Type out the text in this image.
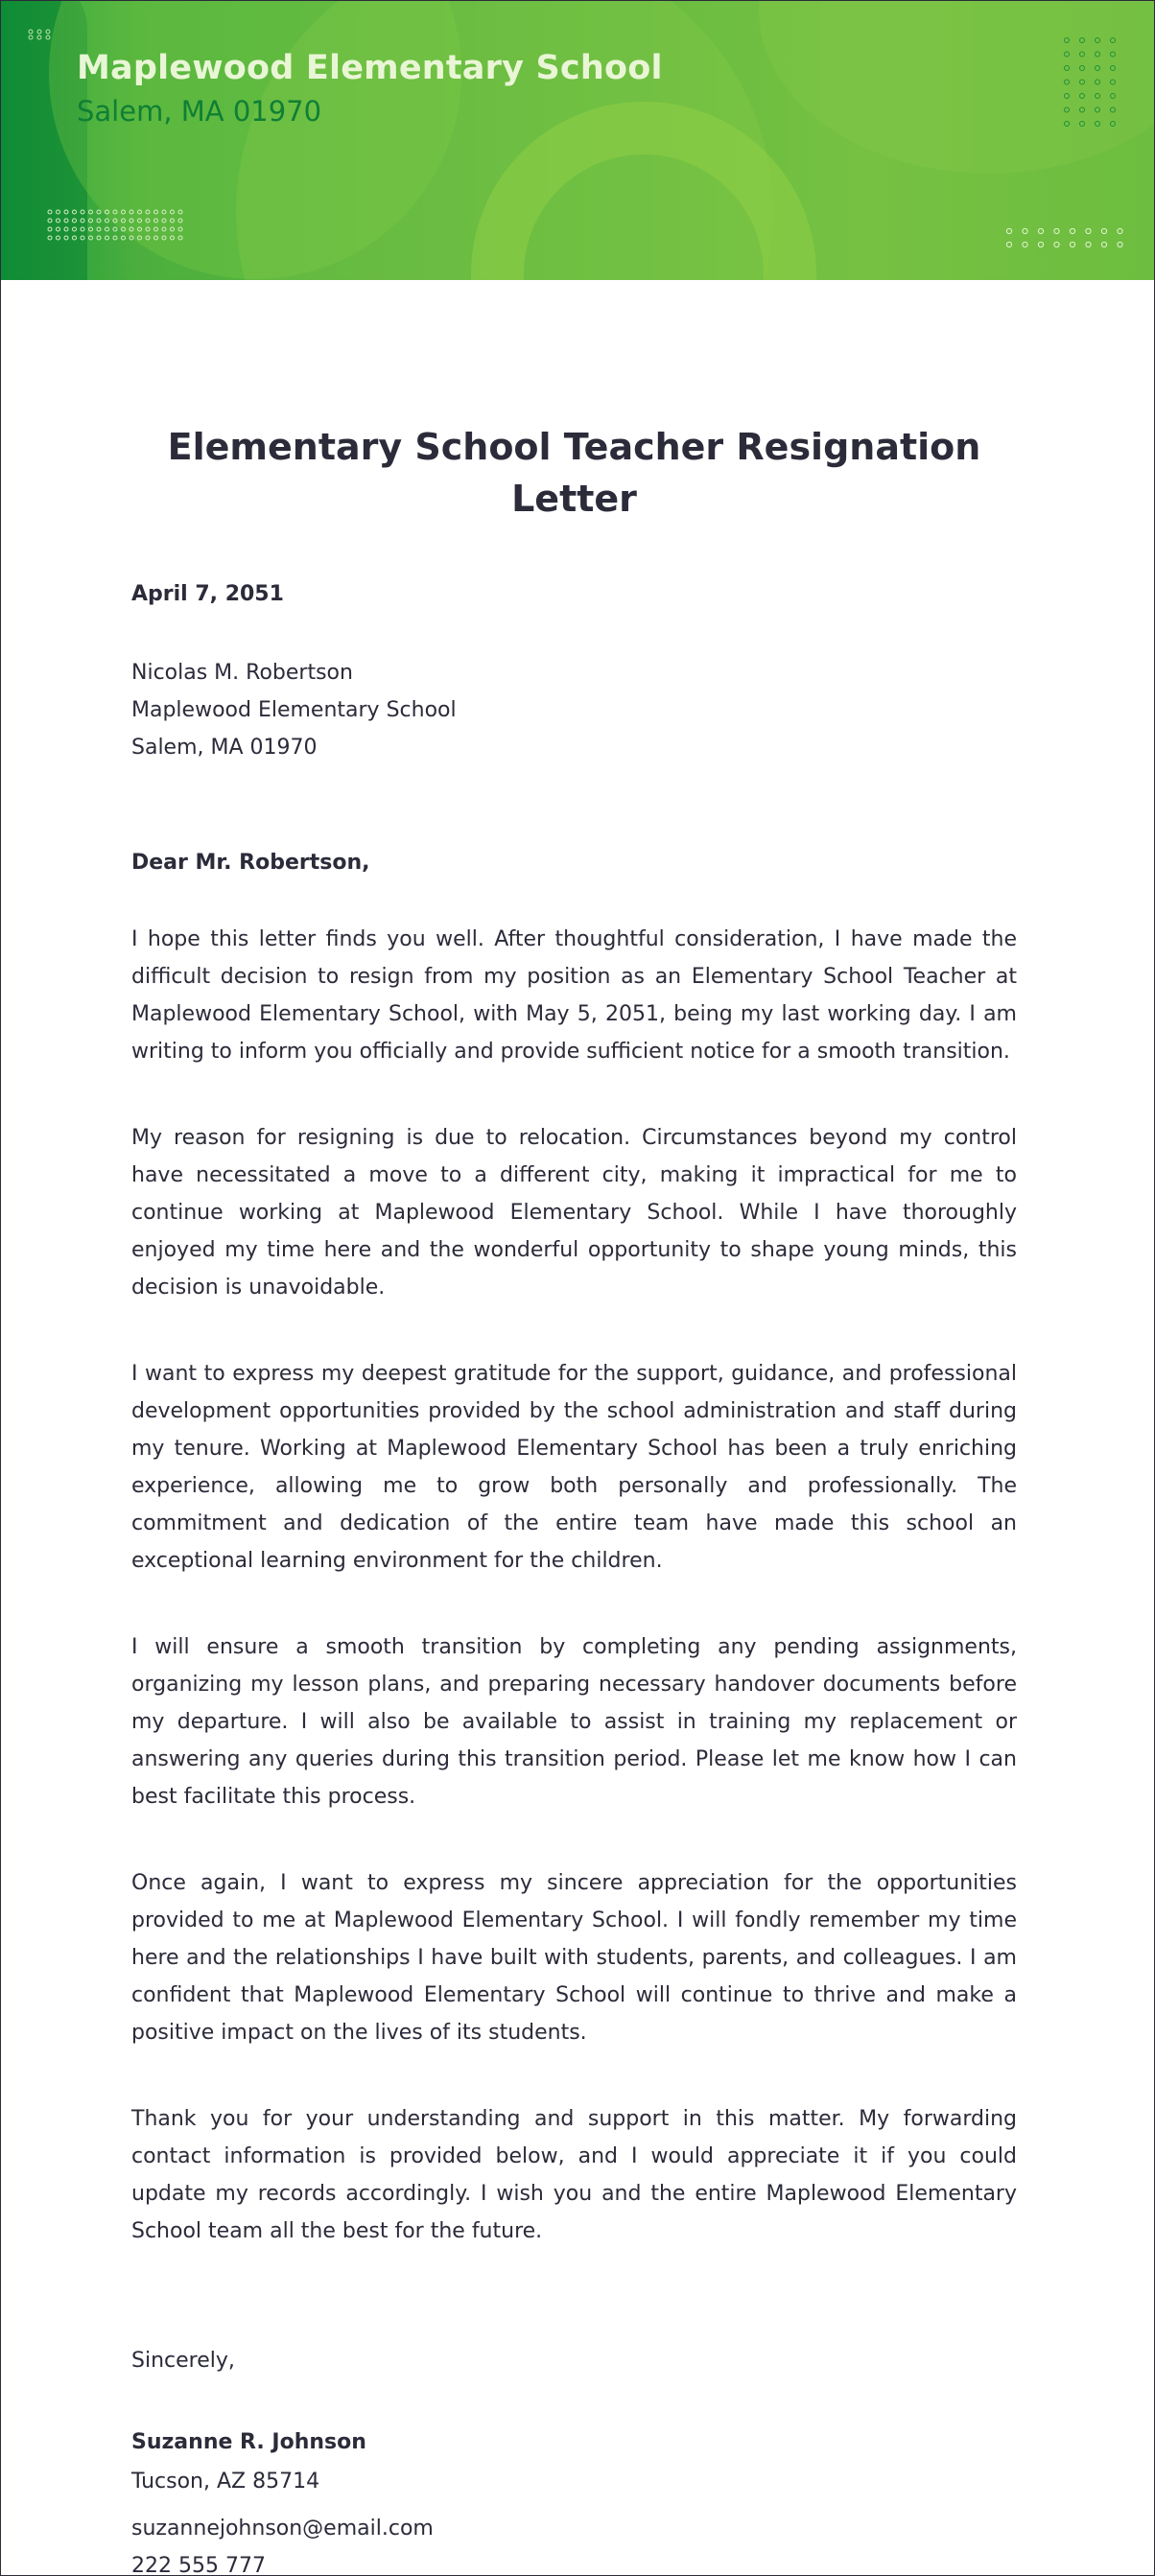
Maplewood Elementary School
Salem, MA 01970
Elementary School Teacher Resignation Letter
April 7, 2051
Nicolas M. Robertson
Maplewood Elementary School
Salem, MA 01970
Dear Mr. Robertson,

I hope this letter finds you well. After thoughtful consideration, I have made the difficult decision to resign from my position as an Elementary School Teacher at Maplewood Elementary School, with May 5, 2051, being my last working day. I am writing to inform you officially and provide sufficient notice for a smooth transition.

My reason for resigning is due to relocation. Circumstances beyond my control have necessitated a move to a different city, making it impractical for me to continue working at Maplewood Elementary School. While I have thoroughly enjoyed my time here and the wonderful opportunity to shape young minds, this decision is unavoidable.

I want to express my deepest gratitude for the support, guidance, and professional development opportunities provided by the school administration and staff during my tenure. Working at Maplewood Elementary School has been a truly enriching experience, allowing me to grow both personally and professionally. The commitment and dedication of the entire team have made this school an exceptional learning environment for the children.

I will ensure a smooth transition by completing any pending assignments, organizing my lesson plans, and preparing necessary handover documents before my departure. I will also be available to assist in training my replacement or answering any queries during this transition period. Please let me know how I can best facilitate this process.

Once again, I want to express my sincere appreciation for the opportunities provided to me at Maplewood Elementary School. I will fondly remember my time here and the relationships I have built with students, parents, and colleagues. I am confident that Maplewood Elementary School will continue to thrive and make a positive impact on the lives of its students.

Thank you for your understanding and support in this matter. My forwarding contact information is provided below, and I would appreciate it if you could update my records accordingly. I wish you and the entire Maplewood Elementary School team all the best for the future.

Sincerely,
Suzanne R. Johnson
Tucson, AZ 85714
suzannejohnson@email.com
222 555 777
